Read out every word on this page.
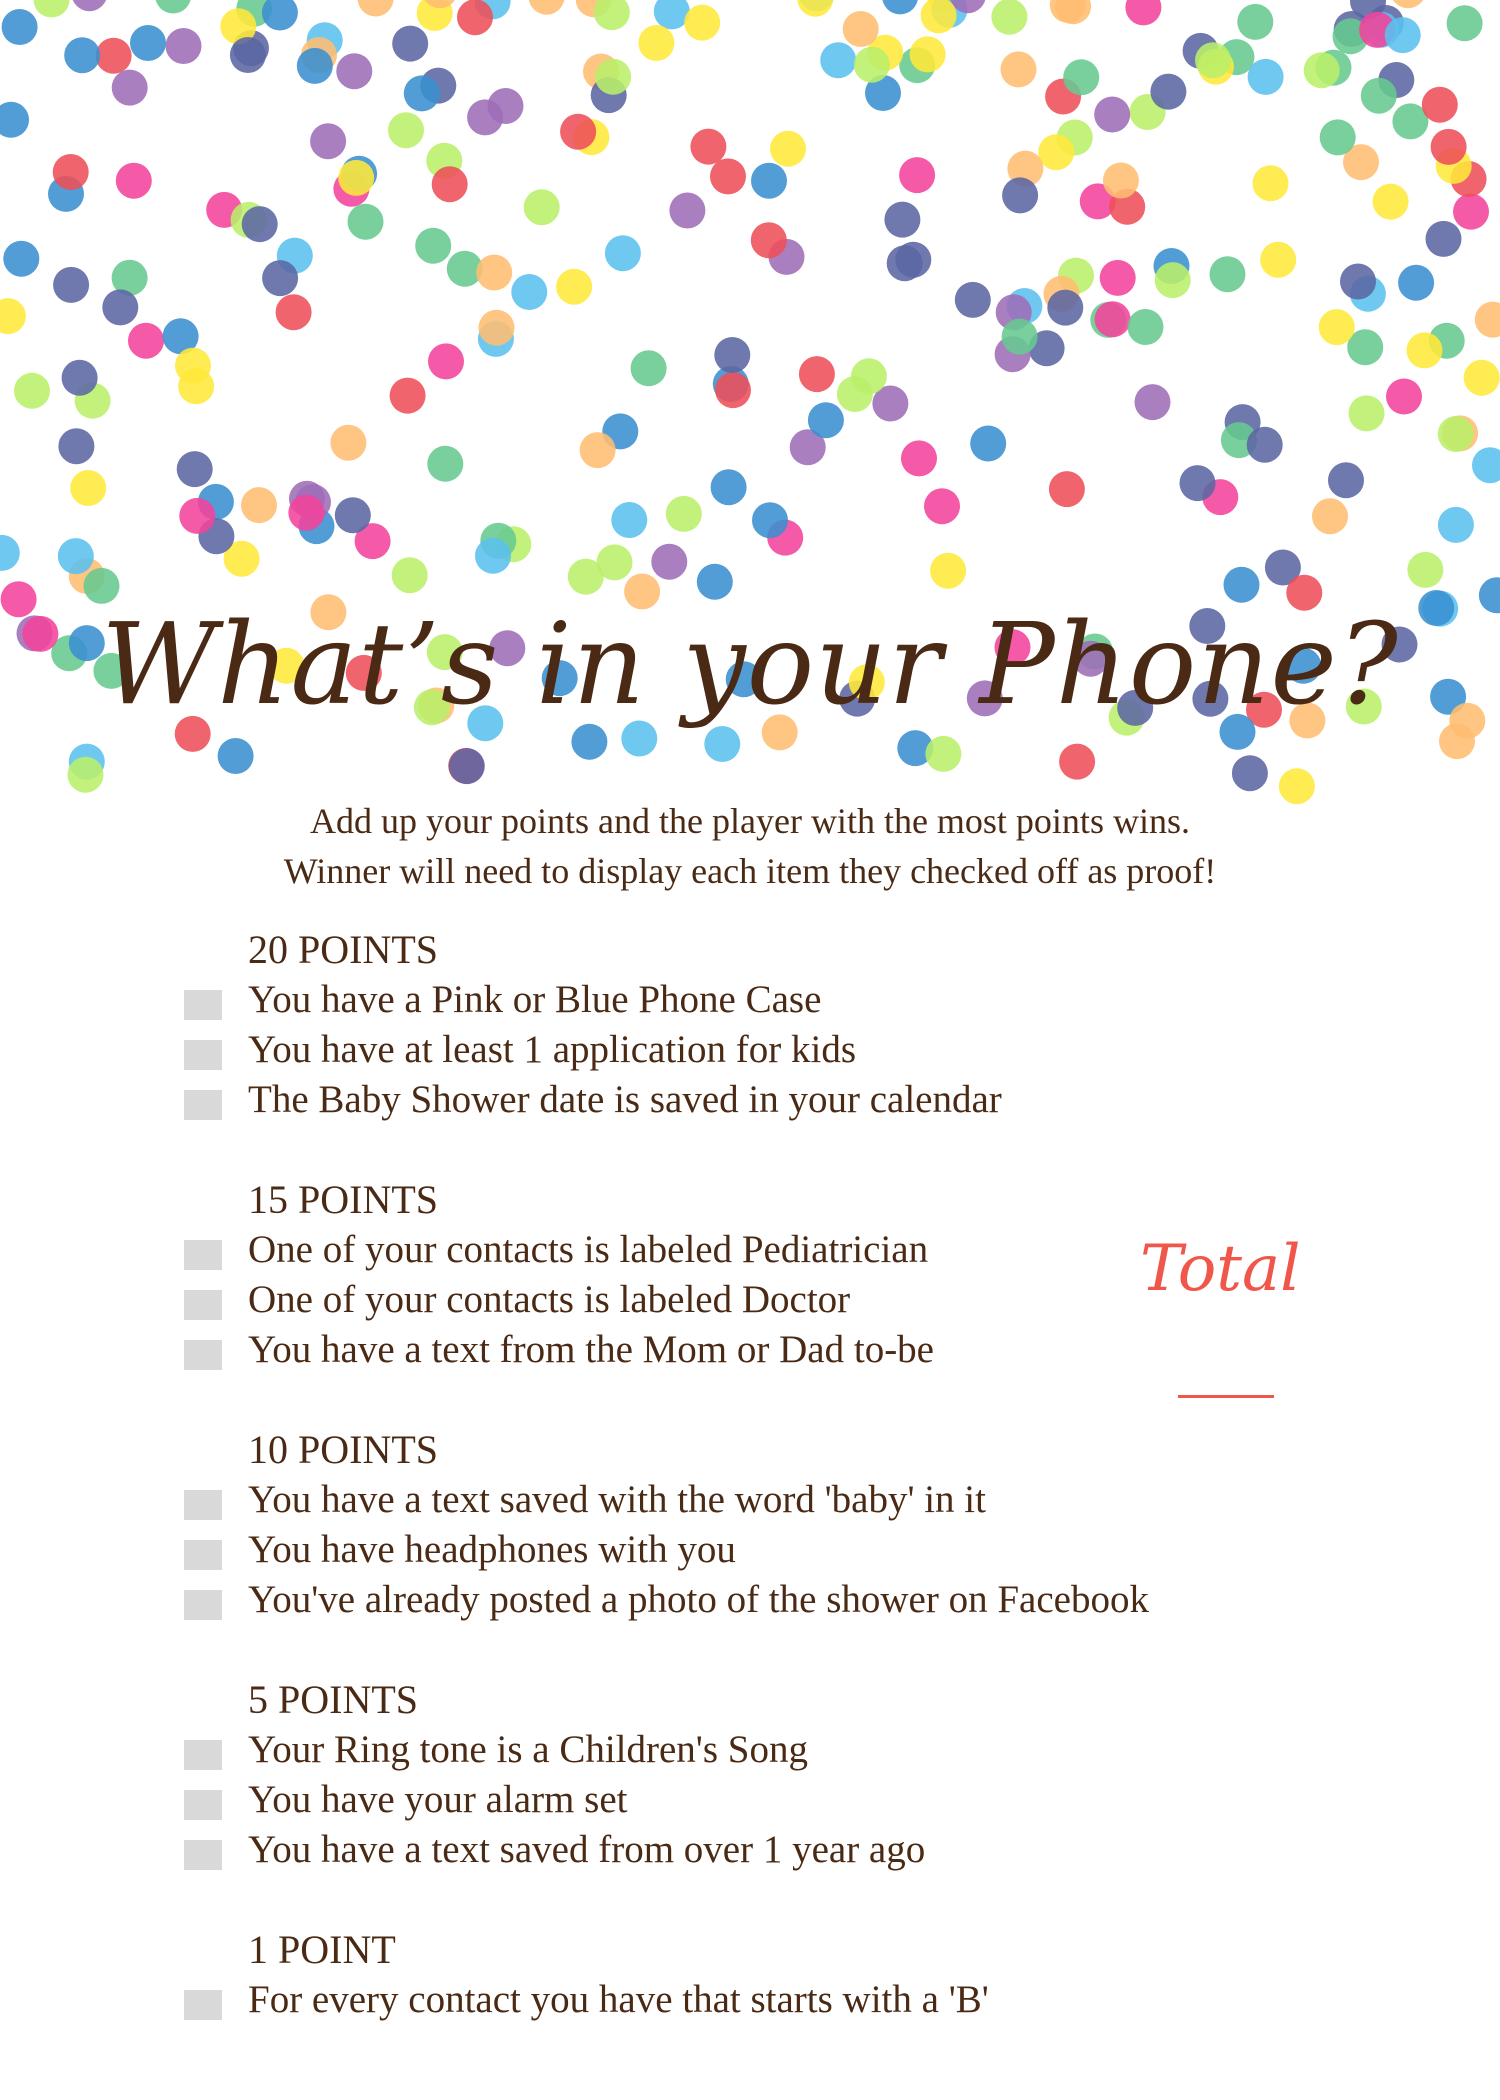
What’s in your Phone?

Add up your points and the player with the most points wins.

Winner will need to display each item they checked off as proof!

20 POINTS
You have a Pink or Blue Phone Case
You have at least 1 application for kids
The Baby Shower date is saved in your calendar
15 POINTS
One of your contacts is labeled Pediatrician
One of your contacts is labeled Doctor
You have a text from the Mom or Dad to-be
10 POINTS
You have a text saved with the word 'baby' in it
You have headphones with you
You've already posted a photo of the shower on Facebook
5 POINTS
Your Ring tone is a Children's Song
You have your alarm set
You have a text saved from over 1 year ago
1 POINT
For every contact you have that starts with a 'B'
Total
